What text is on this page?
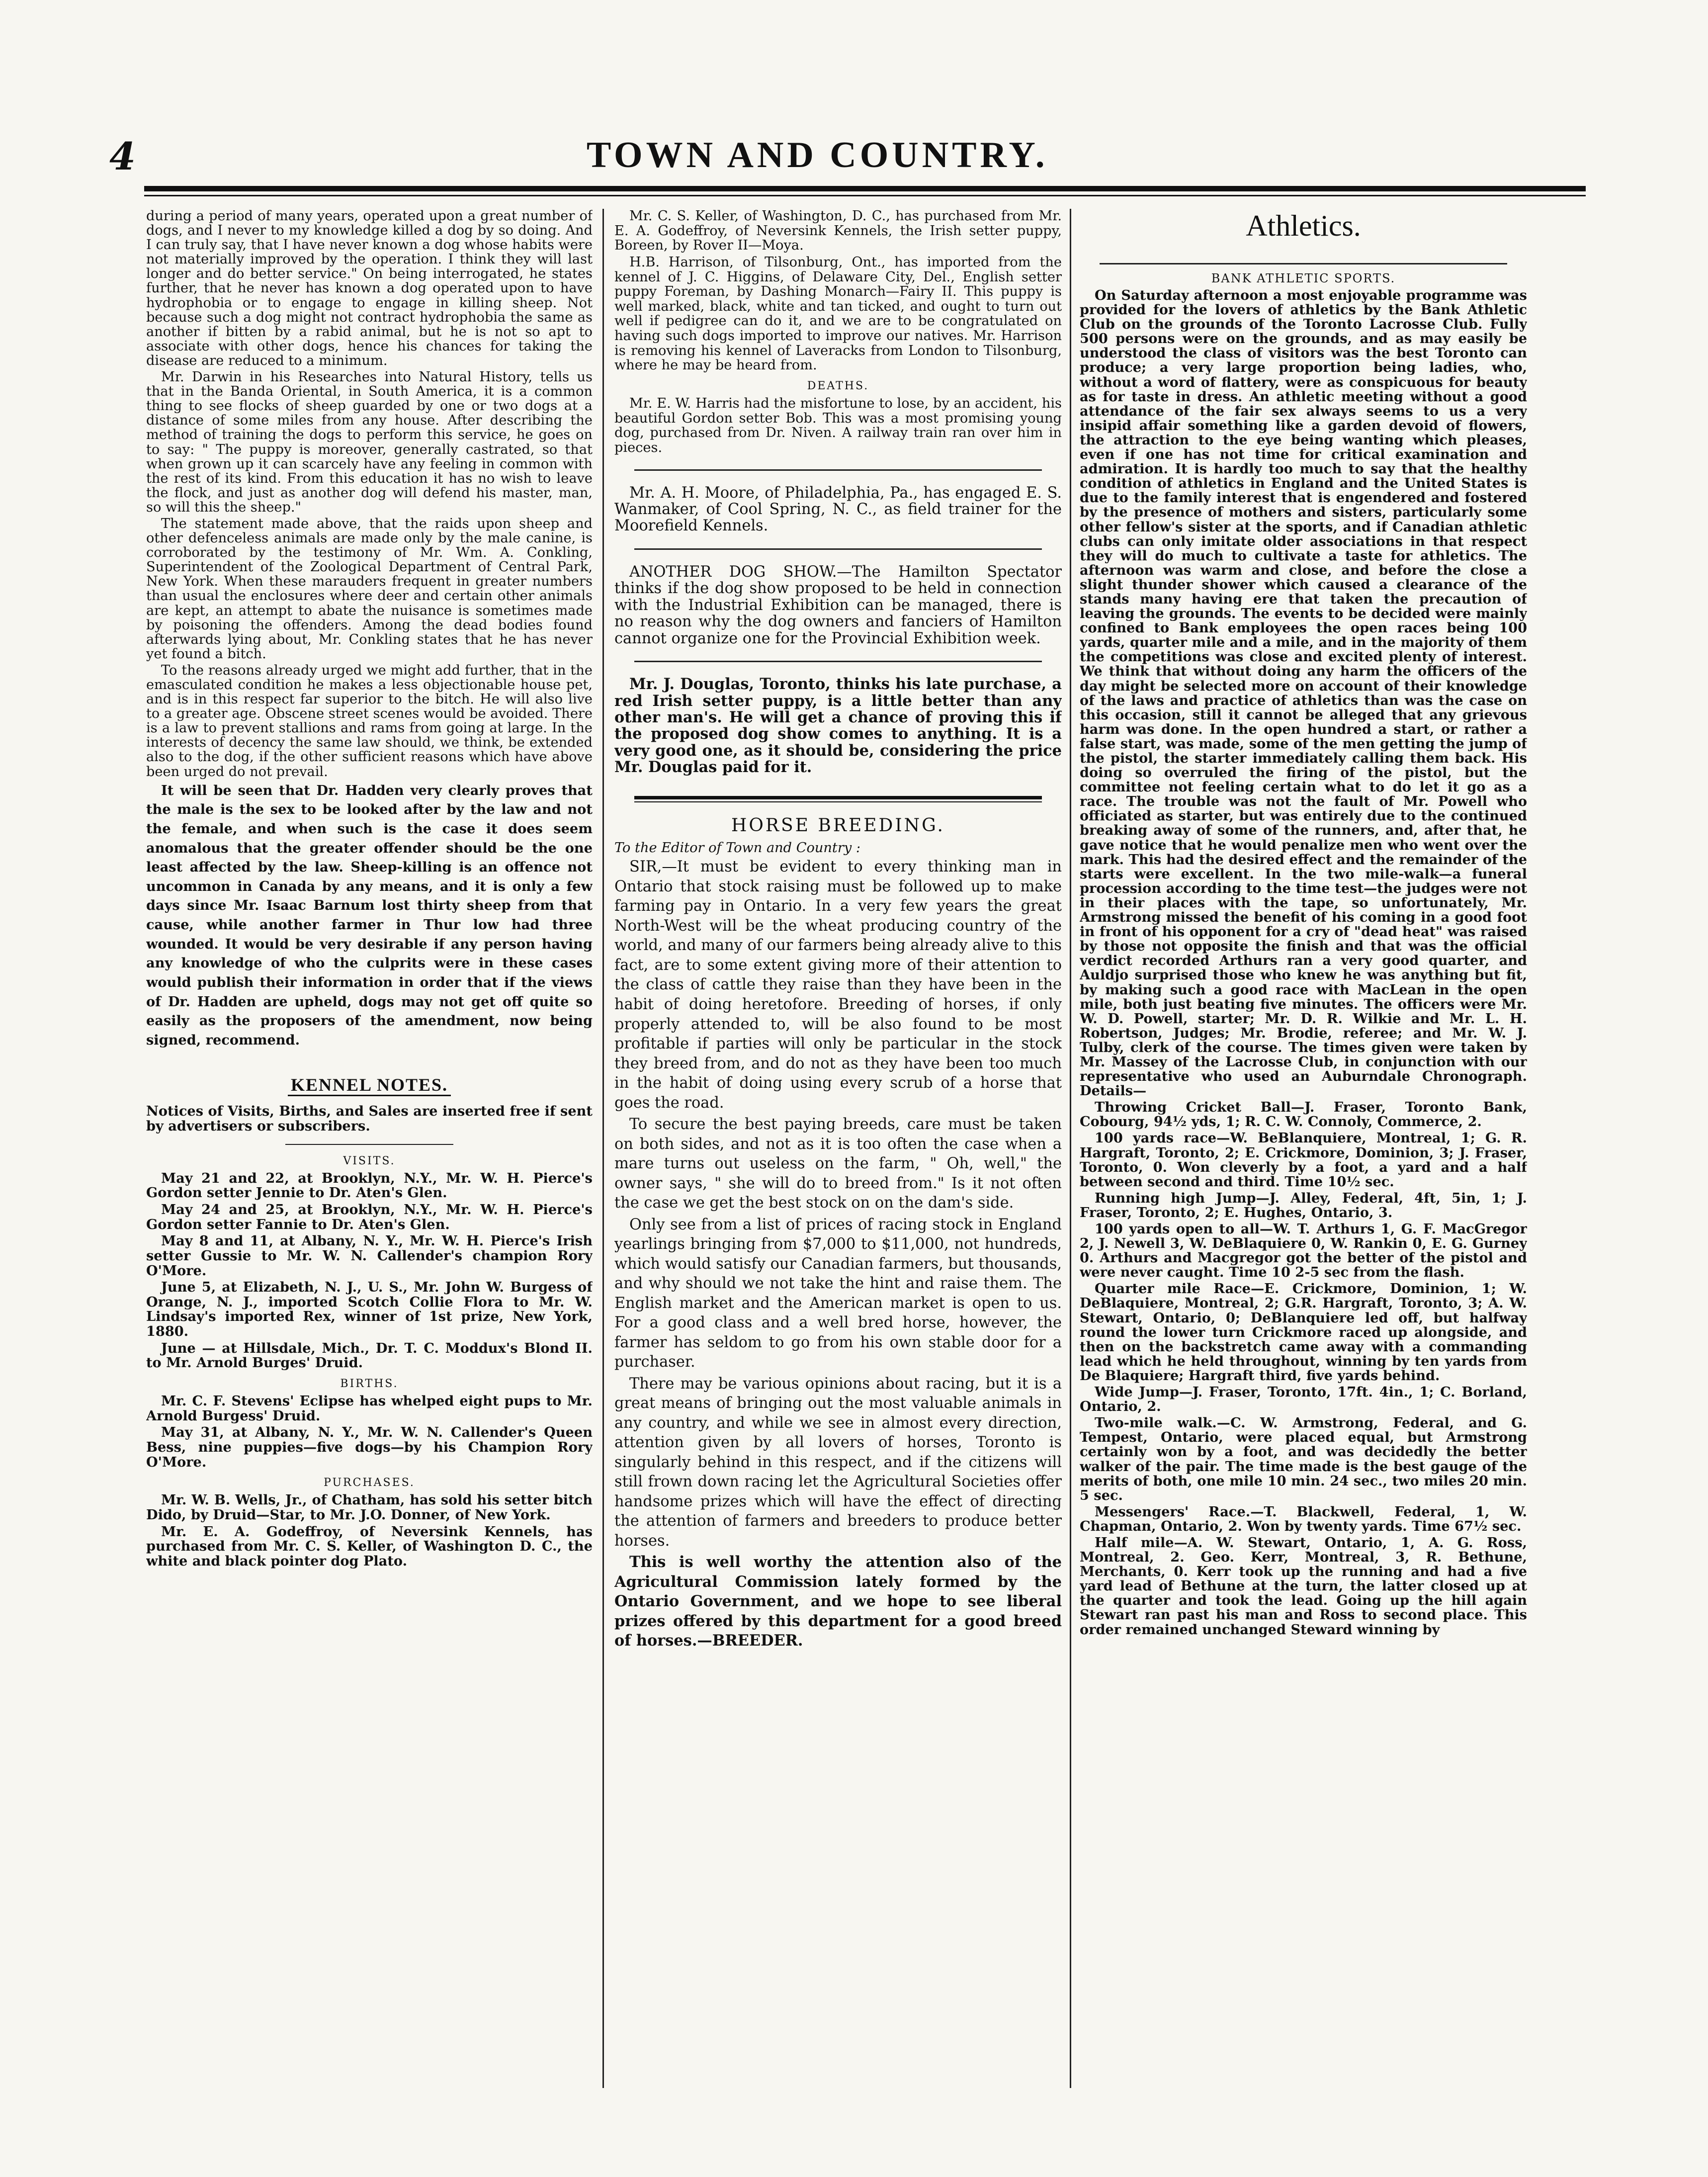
4	TOWN AND COUNTRY.

during a period of many years, operated upon a great number of dogs, and I never to my knowledge killed a dog by so doing. And I can truly say, that I have never known a dog whose habits were not materially improved by the operation. I think they will last longer and do better service." On being interrogated, he states further, that he never has known a dog operated upon to have hydrophobia or to engage to engage in killing sheep. Not because such a dog might not contract hydrophobia the same as another if bitten by a rabid animal, but he is not so apt to associate with other dogs, hence his chances for taking the disease are reduced to a minimum.

Mr. Darwin in his Researches into Natural History, tells us that in the Banda Oriental, in South America, it is a common thing to see flocks of sheep guarded by one or two dogs at a distance of some miles from any house. After describing the method of training the dogs to perform this service, he goes on to say: " The puppy is moreover, generally castrated, so that when grown up it can scarcely have any feeling in common with the rest of its kind. From this education it has no wish to leave the flock, and just as another dog will defend his master, man, so will this the sheep."

The statement made above, that the raids upon sheep and other defenceless animals are made only by the male canine, is corroborated by the testimony of Mr. Wm. A. Conkling, Superintendent of the Zoological Department of Central Park, New York. When these marauders frequent in greater numbers than usual the enclosures where deer and certain other animals are kept, an attempt to abate the nuisance is sometimes made by poisoning the offenders. Among the dead bodies found afterwards lying about, Mr. Conkling states that he has never yet found a bitch.

To the reasons already urged we might add further, that in the emasculated condition he makes a less objectionable house pet, and is in this respect far superior to the bitch. He will also live to a greater age. Obscene street scenes would be avoided. There is a law to prevent stallions and rams from going at large. In the interests of decency the same law should, we think, be extended also to the dog, if the other sufficient reasons which have above been urged do not prevail.

It will be seen that Dr. Hadden very clearly proves that the male is the sex to be looked after by the law and not the female, and when such is the case it does seem anomalous that the greater offender should be the one least affected by the law. Sheep-killing is an offence not uncommon in Canada by any means, and it is only a few days since Mr. Isaac Barnum lost thirty sheep from that cause, while another farmer in Thur low had three wounded. It would be very desirable if any person having any knowledge of who the culprits were in these cases would publish their information in order that if the views of Dr. Hadden are upheld, dogs may not get off quite so easily as the proposers of the amendment, now being signed, recommend.

KENNEL NOTES.

Notices of Visits, Births, and Sales are inserted free if sent by advertisers or subscribers.

VISITS.

May 21 and 22, at Brooklyn, N.Y., Mr. W. H. Pierce's Gordon setter Jennie to Dr. Aten's Glen.

May 24 and 25, at Brooklyn, N.Y., Mr. W. H. Pierce's Gordon setter Fannie to Dr. Aten's Glen.

May 8 and 11, at Albany, N. Y., Mr. W. H. Pierce's Irish setter Gussie to Mr. W. N. Callender's champion Rory O'More.

June 5, at Elizabeth, N. J., U. S., Mr. John W. Burgess of Orange, N. J., imported Scotch Collie Flora to Mr. W. Lindsay's imported Rex, winner of 1st prize, New York, 1880.

June — at Hillsdale, Mich., Dr. T. C. Moddux's Blond II. to Mr. Arnold Burges' Druid.

BIRTHS.

Mr. C. F. Stevens' Eclipse has whelped eight pups to Mr. Arnold Burgess' Druid.

May 31, at Albany, N. Y., Mr. W. N. Callender's Queen Bess, nine puppies—five dogs—by his Champion Rory O'More.

PURCHASES.

Mr. W. B. Wells, Jr., of Chatham, has sold his setter bitch Dido, by Druid—Star, to Mr. J.O. Donner, of New York.

Mr. E. A. Godeffroy, of Neversink Kennels, has purchased from Mr. C. S. Keller, of Washington D. C., the white and black pointer dog Plato.

Mr. C. S. Keller, of Washington, D. C., has purchased from Mr. E. A. Godeffroy, of Neversink Kennels, the Irish setter puppy, Boreen, by Rover II—Moya.

H.B. Harrison, of Tilsonburg, Ont., has imported from the kennel of J. C. Higgins, of Delaware City, Del., English setter puppy Foreman, by Dashing Monarch—Fairy II. This puppy is well marked, black, white and tan ticked, and ought to turn out well if pedigree can do it, and we are to be congratulated on having such dogs imported to improve our natives. Mr. Harrison is removing his kennel of Laveracks from London to Tilsonburg, where he may be heard from.

DEATHS.

Mr. E. W. Harris had the misfortune to lose, by an accident, his beautiful Gordon setter Bob. This was a most promising young dog, purchased from Dr. Niven. A railway train ran over him in pieces.

Mr. A. H. Moore, of Philadelphia, Pa., has engaged E. S. Wanmaker, of Cool Spring, N. C., as field trainer for the Moorefield Kennels.

ANOTHER DOG SHOW.—The Hamilton Spectator thinks if the dog show proposed to be held in connection with the Industrial Exhibition can be managed, there is no reason why the dog owners and fanciers of Hamilton cannot organize one for the Provincial Exhibition week.

Mr. J. Douglas, Toronto, thinks his late purchase, a red Irish setter puppy, is a little better than any other man's. He will get a chance of proving this if the proposed dog show comes to anything. It is a very good one, as it should be, considering the price Mr. Douglas paid for it.

HORSE BREEDING.

To the Editor of Town and Country :

SIR,—It must be evident to every thinking man in Ontario that stock raising must be followed up to make farming pay in Ontario. In a very few years the great North-West will be the wheat producing country of the world, and many of our farmers being already alive to this fact, are to some extent giving more of their attention to the class of cattle they raise than they have been in the habit of doing heretofore. Breeding of horses, if only properly attended to, will be also found to be most profitable if parties will only be particular in the stock they breed from, and do not as they have been too much in the habit of doing using every scrub of a horse that goes the road.

To secure the best paying breeds, care must be taken on both sides, and not as it is too often the case when a mare turns out useless on the farm, " Oh, well," the owner says, " she will do to breed from." Is it not often the case we get the best stock on on the dam's side.

Only see from a list of prices of racing stock in England yearlings bringing from $7,000 to $11,000, not hundreds, which would satisfy our Canadian farmers, but thousands, and why should we not take the hint and raise them. The English market and the American market is open to us. For a good class and a well bred horse, however, the farmer has seldom to go from his own stable door for a purchaser.

There may be various opinions about racing, but it is a great means of bringing out the most valuable animals in any country, and while we see in almost every direction, attention given by all lovers of horses, Toronto is singularly behind in this respect, and if the citizens will still frown down racing let the Agricultural Societies offer handsome prizes which will have the effect of directing the attention of farmers and breeders to produce better horses.

This is well worthy the attention also of the Agricultural Commission lately formed by the Ontario Government, and we hope to see liberal prizes offered by this department for a good breed of horses.—BREEDER.

Athletics.
BANK ATHLETIC SPORTS.

On Saturday afternoon a most enjoyable programme was provided for the lovers of athletics by the Bank Athletic Club on the grounds of the Toronto Lacrosse Club. Fully 500 persons were on the grounds, and as may easily be understood the class of visitors was the best Toronto can produce; a very large proportion being ladies, who, without a word of flattery, were as conspicuous for beauty as for taste in dress. An athletic meeting without a good attendance of the fair sex always seems to us a very insipid affair something like a garden devoid of flowers, the attraction to the eye being wanting which pleases, even if one has not time for critical examination and admiration. It is hardly too much to say that the healthy condition of athletics in England and the United States is due to the family interest that is engendered and fostered by the presence of mothers and sisters, particularly some other fellow's sister at the sports, and if Canadian athletic clubs can only imitate older associations in that respect they will do much to cultivate a taste for athletics. The afternoon was warm and close, and before the close a slight thunder shower which caused a clearance of the stands many having ere that taken the precaution of leaving the grounds. The events to be decided were mainly confined to Bank employees the open races being 100 yards, quarter mile and a mile, and in the majority of them the competitions was close and excited plenty of interest. We think that without doing any harm the officers of the day might be selected more on account of their knowledge of the laws and practice of athletics than was the case on this occasion, still it cannot be alleged that any grievous harm was done. In the open hundred a start, or rather a false start, was made, some of the men getting the jump of the pistol, the starter immediately calling them back. His doing so overruled the firing of the pistol, but the committee not feeling certain what to do let it go as a race. The trouble was not the fault of Mr. Powell who officiated as starter, but was entirely due to the continued breaking away of some of the runners, and, after that, he gave notice that he would penalize men who went over the mark. This had the desired effect and the remainder of the starts were excellent. In the two mile-walk—a funeral procession according to the time test—the judges were not in their places with the tape, so unfortunately, Mr. Armstrong missed the benefit of his coming in a good foot in front of his opponent for a cry of "dead heat" was raised by those not opposite the finish and that was the official verdict recorded Arthurs ran a very good quarter, and Auldjo surprised those who knew he was anything but fit, by making such a good race with MacLean in the open mile, both just beating five minutes. The officers were Mr. W. D. Powell, starter; Mr. D. R. Wilkie and Mr. L. H. Robertson, Judges; Mr. Brodie, referee; and Mr. W. J. Tulby, clerk of the course. The times given were taken by Mr. Massey of the Lacrosse Club, in conjunction with our representative who used an Auburndale Chronograph. Details—

Throwing Cricket Ball—J. Fraser, Toronto Bank, Cobourg, 94½ yds, 1; R. C. W. Connoly, Commerce, 2.

100 yards race—W. BeBlanquiere, Montreal, 1; G. R. Hargraft, Toronto, 2; E. Crickmore, Dominion, 3; J. Fraser, Toronto, 0. Won cleverly by a foot, a yard and a half between second and third. Time 10½ sec.

Running high Jump—J. Alley, Federal, 4ft, 5in, 1; J. Fraser, Toronto, 2; E. Hughes, Ontario, 3.

100 yards open to all—W. T. Arthurs 1, G. F. MacGregor 2, J. Newell 3, W. DeBlaquiere 0, W. Rankin 0, E. G. Gurney 0. Arthurs and Macgregor got the better of the pistol and were never caught. Time 10 2-5 sec from the flash.

Quarter mile Race—E. Crickmore, Dominion, 1; W. DeBlaquiere, Montreal, 2; G.R. Hargraft, Toronto, 3; A. W. Stewart, Ontario, 0; DeBlanquiere led off, but halfway round the lower turn Crickmore raced up alongside, and then on the backstretch came away with a commanding lead which he held throughout, winning by ten yards from De Blaquiere; Hargraft third, five yards behind.

Wide Jump—J. Fraser, Toronto, 17ft. 4in., 1; C. Borland, Ontario, 2.

Two-mile walk.—C. W. Armstrong, Federal, and G. Tempest, Ontario, were placed equal, but Armstrong certainly won by a foot, and was decidedly the better walker of the pair. The time made is the best gauge of the merits of both, one mile 10 min. 24 sec., two miles 20 min. 5 sec.

Messengers' Race.—T. Blackwell, Federal, 1, W. Chapman, Ontario, 2. Won by twenty yards. Time 67½ sec.

Half mile—A. W. Stewart, Ontario, 1, A. G. Ross, Montreal, 2. Geo. Kerr, Montreal, 3, R. Bethune, Merchants, 0. Kerr took up the running and had a five yard lead of Bethune at the turn, the latter closed up at the quarter and took the lead. Going up the hill again Stewart ran past his man and Ross to second place. This order remained unchanged Steward winning by
